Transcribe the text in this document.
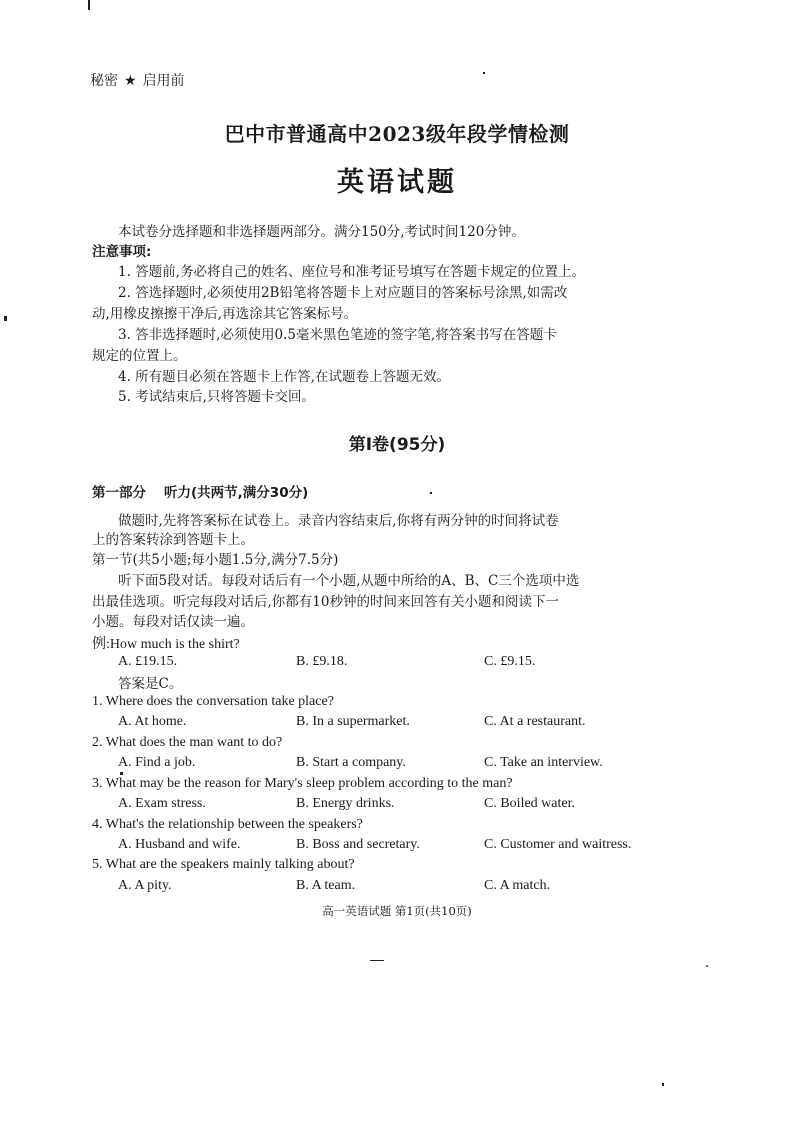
秘密 ★ 启用前
巴中市普通高中2023级年段学情检测
英语试题
本试卷分选择题和非选择题两部分。满分150分,考试时间120分钟。
注意事项:
1. 答题前,务必将自己的姓名、座位号和准考证号填写在答题卡规定的位置上。
2. 答选择题时,必须使用2B铅笔将答题卡上对应题目的答案标号涂黑,如需改
动,用橡皮擦擦干净后,再选涂其它答案标号。
3. 答非选择题时,必须使用0.5毫米黑色笔迹的签字笔,将答案书写在答题卡
规定的位置上。
4. 所有题目必须在答题卡上作答,在试题卷上答题无效。
5. 考试结束后,只将答题卡交回。
第Ⅰ卷(95分)
第一部分 听力(共两节,满分30分)
做题时,先将答案标在试卷上。录音内容结束后,你将有两分钟的时间将试卷
上的答案转涂到答题卡上。
第一节(共5小题;每小题1.5分,满分7.5分)
听下面5段对话。每段对话后有一个小题,从题中所给的A、B、C三个选项中选
出最佳选项。听完每段对话后,你都有10秒钟的时间来回答有关小题和阅读下一
小题。每段对话仅读一遍。
例:How much is the shirt?
A. £19.15.	B. £9.18.	C. £9.15.
答案是C。
1. Where does the conversation take place?
A. At home.	B. In a supermarket.	C. At a restaurant.
2. What does the man want to do?
A. Find a job.	B. Start a company.	C. Take an interview.
3. What may be the reason for Mary's sleep problem according to the man?
A. Exam stress.	B. Energy drinks.	C. Boiled water.
4. What's the relationship between the speakers?
A. Husband and wife.	B. Boss and secretary.	C. Customer and waitress.
5. What are the speakers mainly talking about?
A. A pity.	B. A team.	C. A match.
高一英语试题 第1页(共10页)
